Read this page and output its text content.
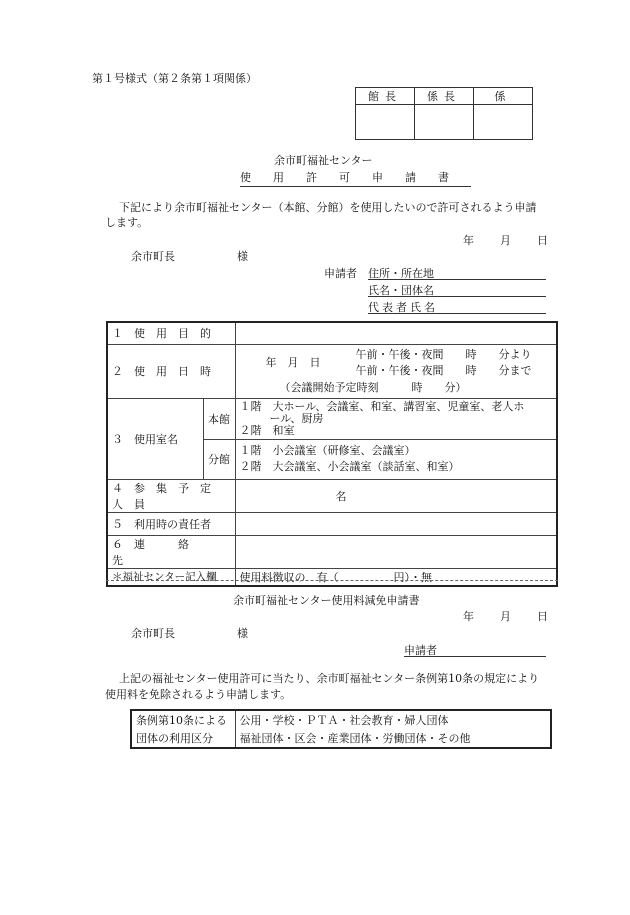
第１号様式（第２条第１項関係）
館長	係長	係

余市町福祉センター
使用許可申請書
下記により余市町福祉センター（本館、分館）を使用したいので許可されるよう申請
します。
年 月 日
余市町長	様
申請者 住所・所在地
氏名・団体名
代表者氏名
１　使　用　目　的		
２　使　用　日　時		年　月　日
午前・午後・夜間　　時　　分より
午前・午後・夜間　　時　　分まで
（会議開始予定時刻　　　時　　分）

３　使用室名	本館	１階　大ホール、会議室、和室、講習室、児童室、老人ホ
ール、厨房
２階　和室

	分館	１階　小会議室（研修室、会議室）
２階　大会議室、小会議室（談話室、和室）

４　参　集　予　定　人　員		名
５　利用時の責任者		
６　連　　　絡　　　先		
＊福祉センター記入欄		使用料徴収の　有（　　　　　円）・無
余市町福祉センター使用料減免申請書
年 月 日
余市町長	様
申請者
上記の福祉センター使用許可に当たり、余市町福祉センター条例第10条の規定により
使用料を免除されるよう申請します。
条例第10条による	公用・学校・ＰＴＡ・社会教育・婦人団体
団体の利用区分	福祉団体・区会・産業団体・労働団体・その他
